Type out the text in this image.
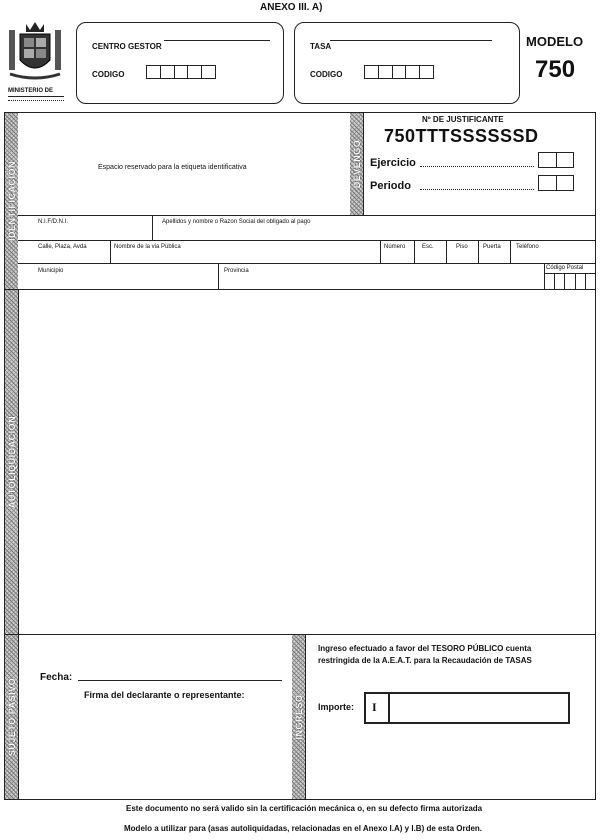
ANEXO III. A)
MINISTERIO DE
CENTRO GESTOR
CODIGO
TASA
CODIGO
MODELO
750
IDENTIFICACIÓN	Espacio reservado para la etiqueta identificativa	DEVENGO
Nº DE JUSTIFICANTE
750TTTSSSSSSD
Ejercicio
Periodo
N.I.F/D.N.I.	Apellidos y nombre o Razon Social del obligado al pago
Calle, Plaza, Avda	Nombre de la via Pública	Número	Esc.	Piso	Puerta	Teléfono
Municipio	Provincia	Código Postal
AUTOLIQUIDACIÓN
SUJETO PASIVO
Fecha:
Firma del declarante o representante:	INGRESO
Ingreso efectuado a favor del TESORO PÚBLICO cuenta
restringida de la A.E.A.T. para la Recaudación de TASAS
Importe: I
Este documento no será valido sin la certificación mecánica o, en su defecto firma autorizada
Modelo a utilizar para (asas autoliquidadas, relacionadas en el Anexo I.A) y I.B) de esta Orden.
